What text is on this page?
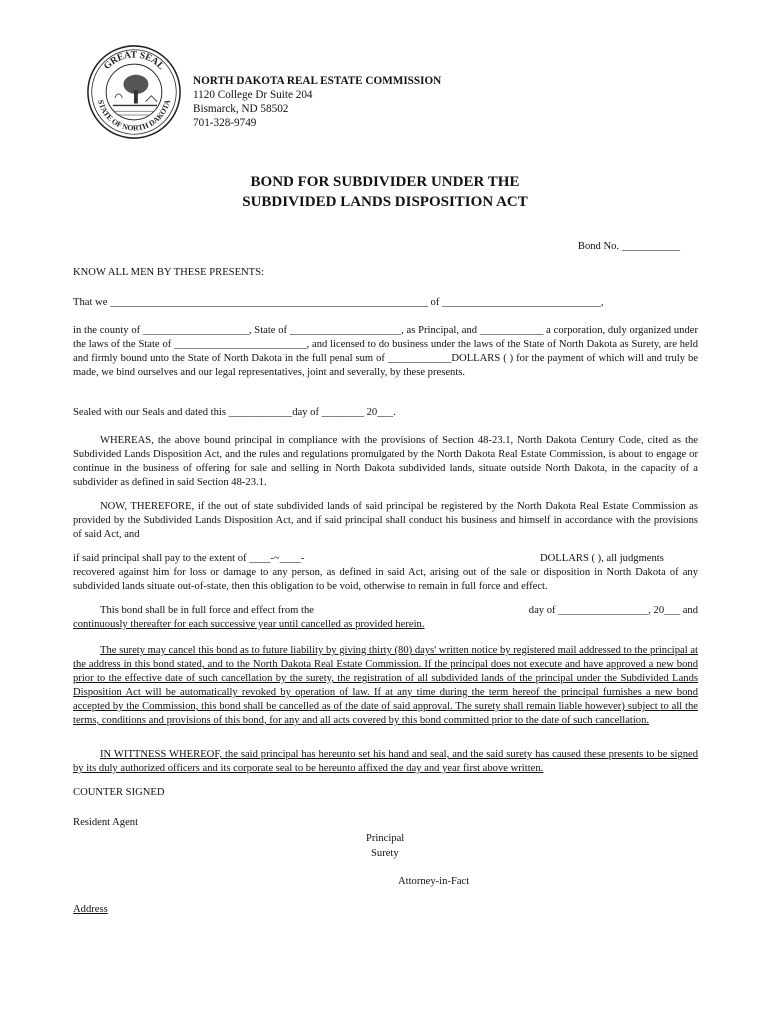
GREAT SEAL
STATE OF NORTH DAKOTA
NORTH DAKOTA REAL ESTATE COMMISSION
1120 College Dr Suite 204
Bismarck, ND 58502
701-328-9749
BOND FOR SUBDIVIDER UNDER THE
SUBDIVIDED LANDS DISPOSITION ACT
Bond No. ___________
KNOW ALL MEN BY THESE PRESENTS:
That we ____________________________________________________________ of ______________________________,
in the county of ____________________, State of _____________________, as Principal, and ____________ a corporation, duly organized under the laws of the State of _________________________, and licensed to do business under the laws of the State of North Dakota as Surety, are held and firmly bound unto the State of North Dakota in the full penal sum of ____________DOLLARS ( ) for the payment of which will and truly be made, we bind ourselves and our legal representatives, joint and severally, by these presents.
Sealed with our Seals and dated this ____________day of ________ 20___.
WHEREAS, the above bound principal in compliance with the provisions of Section 48-23.1, North Dakota Century Code, cited as the Subdivided Lands Disposition Act, and the rules and regulations promulgated by the North Dakota Real Estate Commission, is about to engage or continue in the business of offering for sale and selling in North Dakota subdivided lands, situate outside North Dakota, in the capacity of a subdivider as defined in said Section 48-23.1.
NOW, THEREFORE, if the out of state subdivided lands of said principal be registered by the North Dakota Real Estate Commission as provided by the Subdivided Lands Disposition Act, and if said principal shall conduct his business and himself in accordance with the provisions of said Act, and
if said principal shall pay to the extent of ____-~____-	DOLLARS ( ), all judgments
recovered against him for loss or damage to any person, as defined in said Act, arising out of the sale or disposition in North Dakota of any subdivided lands situate out-of-state, then this obligation to be void, otherwise to remain in full force and effect.
This bond shall be in full force and effect from the	day of _________________, 20___ and
continuously thereafter for each successive year until cancelled as provided herein.
The surety may cancel this bond as to future liability by giving thirty (80) days' written notice by registered mail addressed to the principal at the address in this bond stated, and to the North Dakota Real Estate Commission. If the principal does not execute and have approved a new bond prior to the effective date of such cancellation by the surety, the registration of all subdivided lands of the principal under the Subdivided Lands Disposition Act will be automatically revoked by operation of law. If at any time during the term hereof the principal furnishes a new bond accepted by the Commission, this bond shall be cancelled as of the date of said approval. The surety shall remain liable however) subject to all the terms, conditions and provisions of this bond, for any and all acts covered by this bond committed prior to the date of such cancellation.
IN WITTNESS WHEREOF, the said principal has hereunto set his hand and seal, and the said surety has caused these presents to be signed by its duly authorized officers and its corporate seal to be hereunto affixed the day and year first above written.
COUNTER SIGNED
Resident Agent
Principal
Surety
Attorney-in-Fact
Address
